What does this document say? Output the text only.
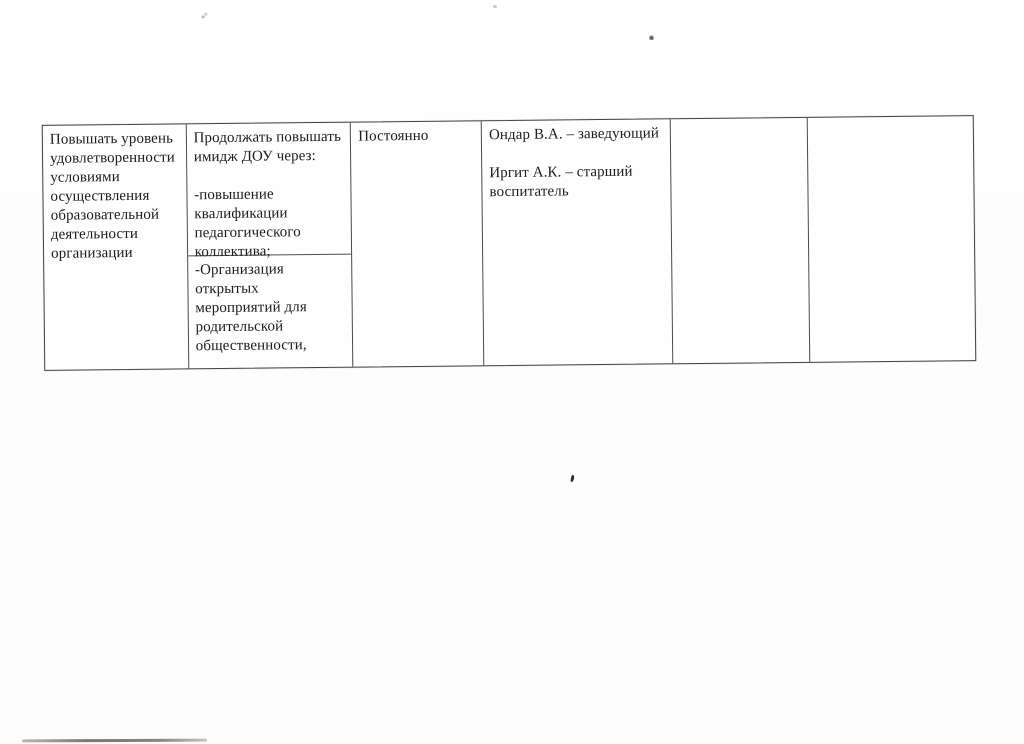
Повышать уровень
удовлетворенности
условиями
осуществления
образовательной
деятельности
организации
Продолжать повышать
имидж ДОУ через:

-повышение
квалификации
педагогического
коллектива;
-Организация открытых
мероприятий для
родительской
общественности,
Постоянно	Ондар В.А. – заведующий

Иргит А.К. – старший
воспитатель
